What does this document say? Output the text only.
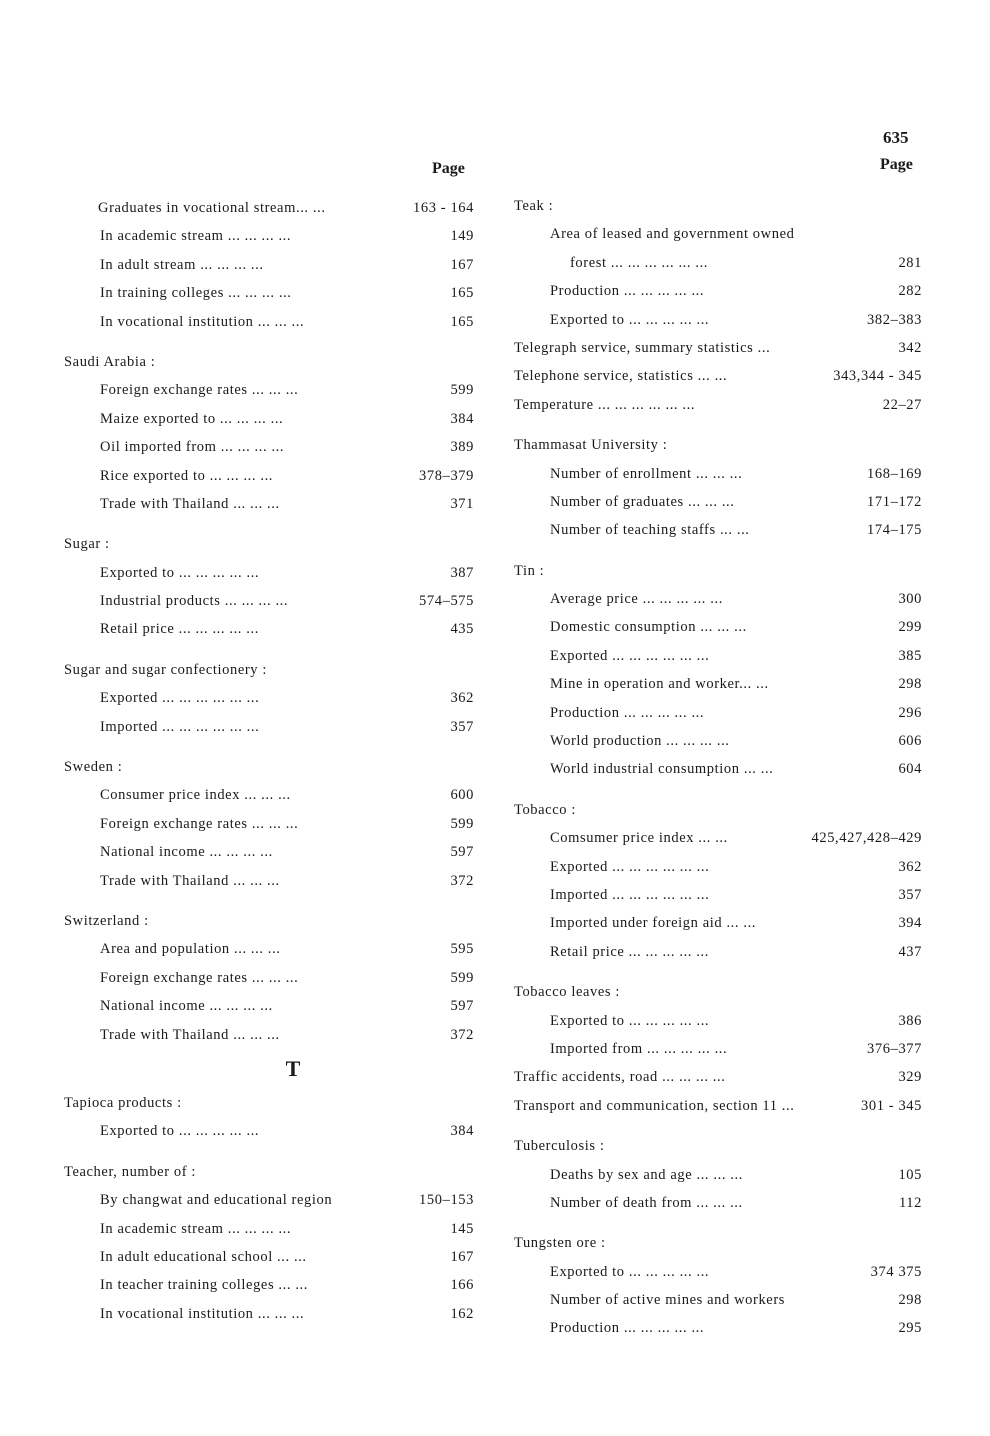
635
Page	Page
Graduates in vocational stream... ...	163 - 164
In academic stream ... ... ... ...	149
In adult stream ... ... ... ...	167
In training colleges ... ... ... ...	165
In vocational institution ... ... ...	165
Saudi Arabia :
Foreign exchange rates ... ... ...	599
Maize exported to ... ... ... ...	384
Oil imported from ... ... ... ...	389
Rice exported to ... ... ... ...	378–379
Trade with Thailand ... ... ...	371
Sugar :
Exported to ... ... ... ... ...	387
Industrial products ... ... ... ...	574–575
Retail price ... ... ... ... ...	435
Sugar and sugar confectionery :
Exported ... ... ... ... ... ...	362
Imported ... ... ... ... ... ...	357
Sweden :
Consumer price index ... ... ...	600
Foreign exchange rates ... ... ...	599
National income ... ... ... ...	597
Trade with Thailand ... ... ...	372
Switzerland :
Area and population ... ... ...	595
Foreign exchange rates ... ... ...	599
National income ... ... ... ...	597
Trade with Thailand ... ... ...	372
T
Tapioca products :
Exported to ... ... ... ... ...	384
Teacher, number of :
By changwat and educational region	150–153
In academic stream ... ... ... ...	145
In adult educational school ... ...	167
In teacher training colleges ... ...	166
In vocational institution ... ... ...	162
Teak :
Area of leased and government owned
forest ... ... ... ... ... ...	281
Production ... ... ... ... ...	282
Exported to ... ... ... ... ...	382–383
Telegraph service, summary statistics ...	342
Telephone service, statistics ... ...	343,344 - 345
Temperature ... ... ... ... ... ...	22–27
Thammasat University :
Number of enrollment ... ... ...	168–169
Number of graduates ... ... ...	171–172
Number of teaching staffs ... ...	174–175
Tin :
Average price ... ... ... ... ...	300
Domestic consumption ... ... ...	299
Exported ... ... ... ... ... ...	385
Mine in operation and worker... ...	298
Production ... ... ... ... ...	296
World production ... ... ... ...	606
World industrial consumption ... ...	604
Tobacco :
Comsumer price index ... ...	425,427,428–429
Exported ... ... ... ... ... ...	362
Imported ... ... ... ... ... ...	357
Imported under foreign aid ... ...	394
Retail price ... ... ... ... ...	437
Tobacco leaves :
Exported to ... ... ... ... ...	386
Imported from ... ... ... ... ...	376–377
Traffic accidents, road ... ... ... ...	329
Transport and communication, section 11 ...	301 - 345
Tuberculosis :
Deaths by sex and age ... ... ...	105
Number of death from ... ... ...	112
Tungsten ore :
Exported to ... ... ... ... ...	374 375
Number of active mines and workers	298
Production ... ... ... ... ...	295
